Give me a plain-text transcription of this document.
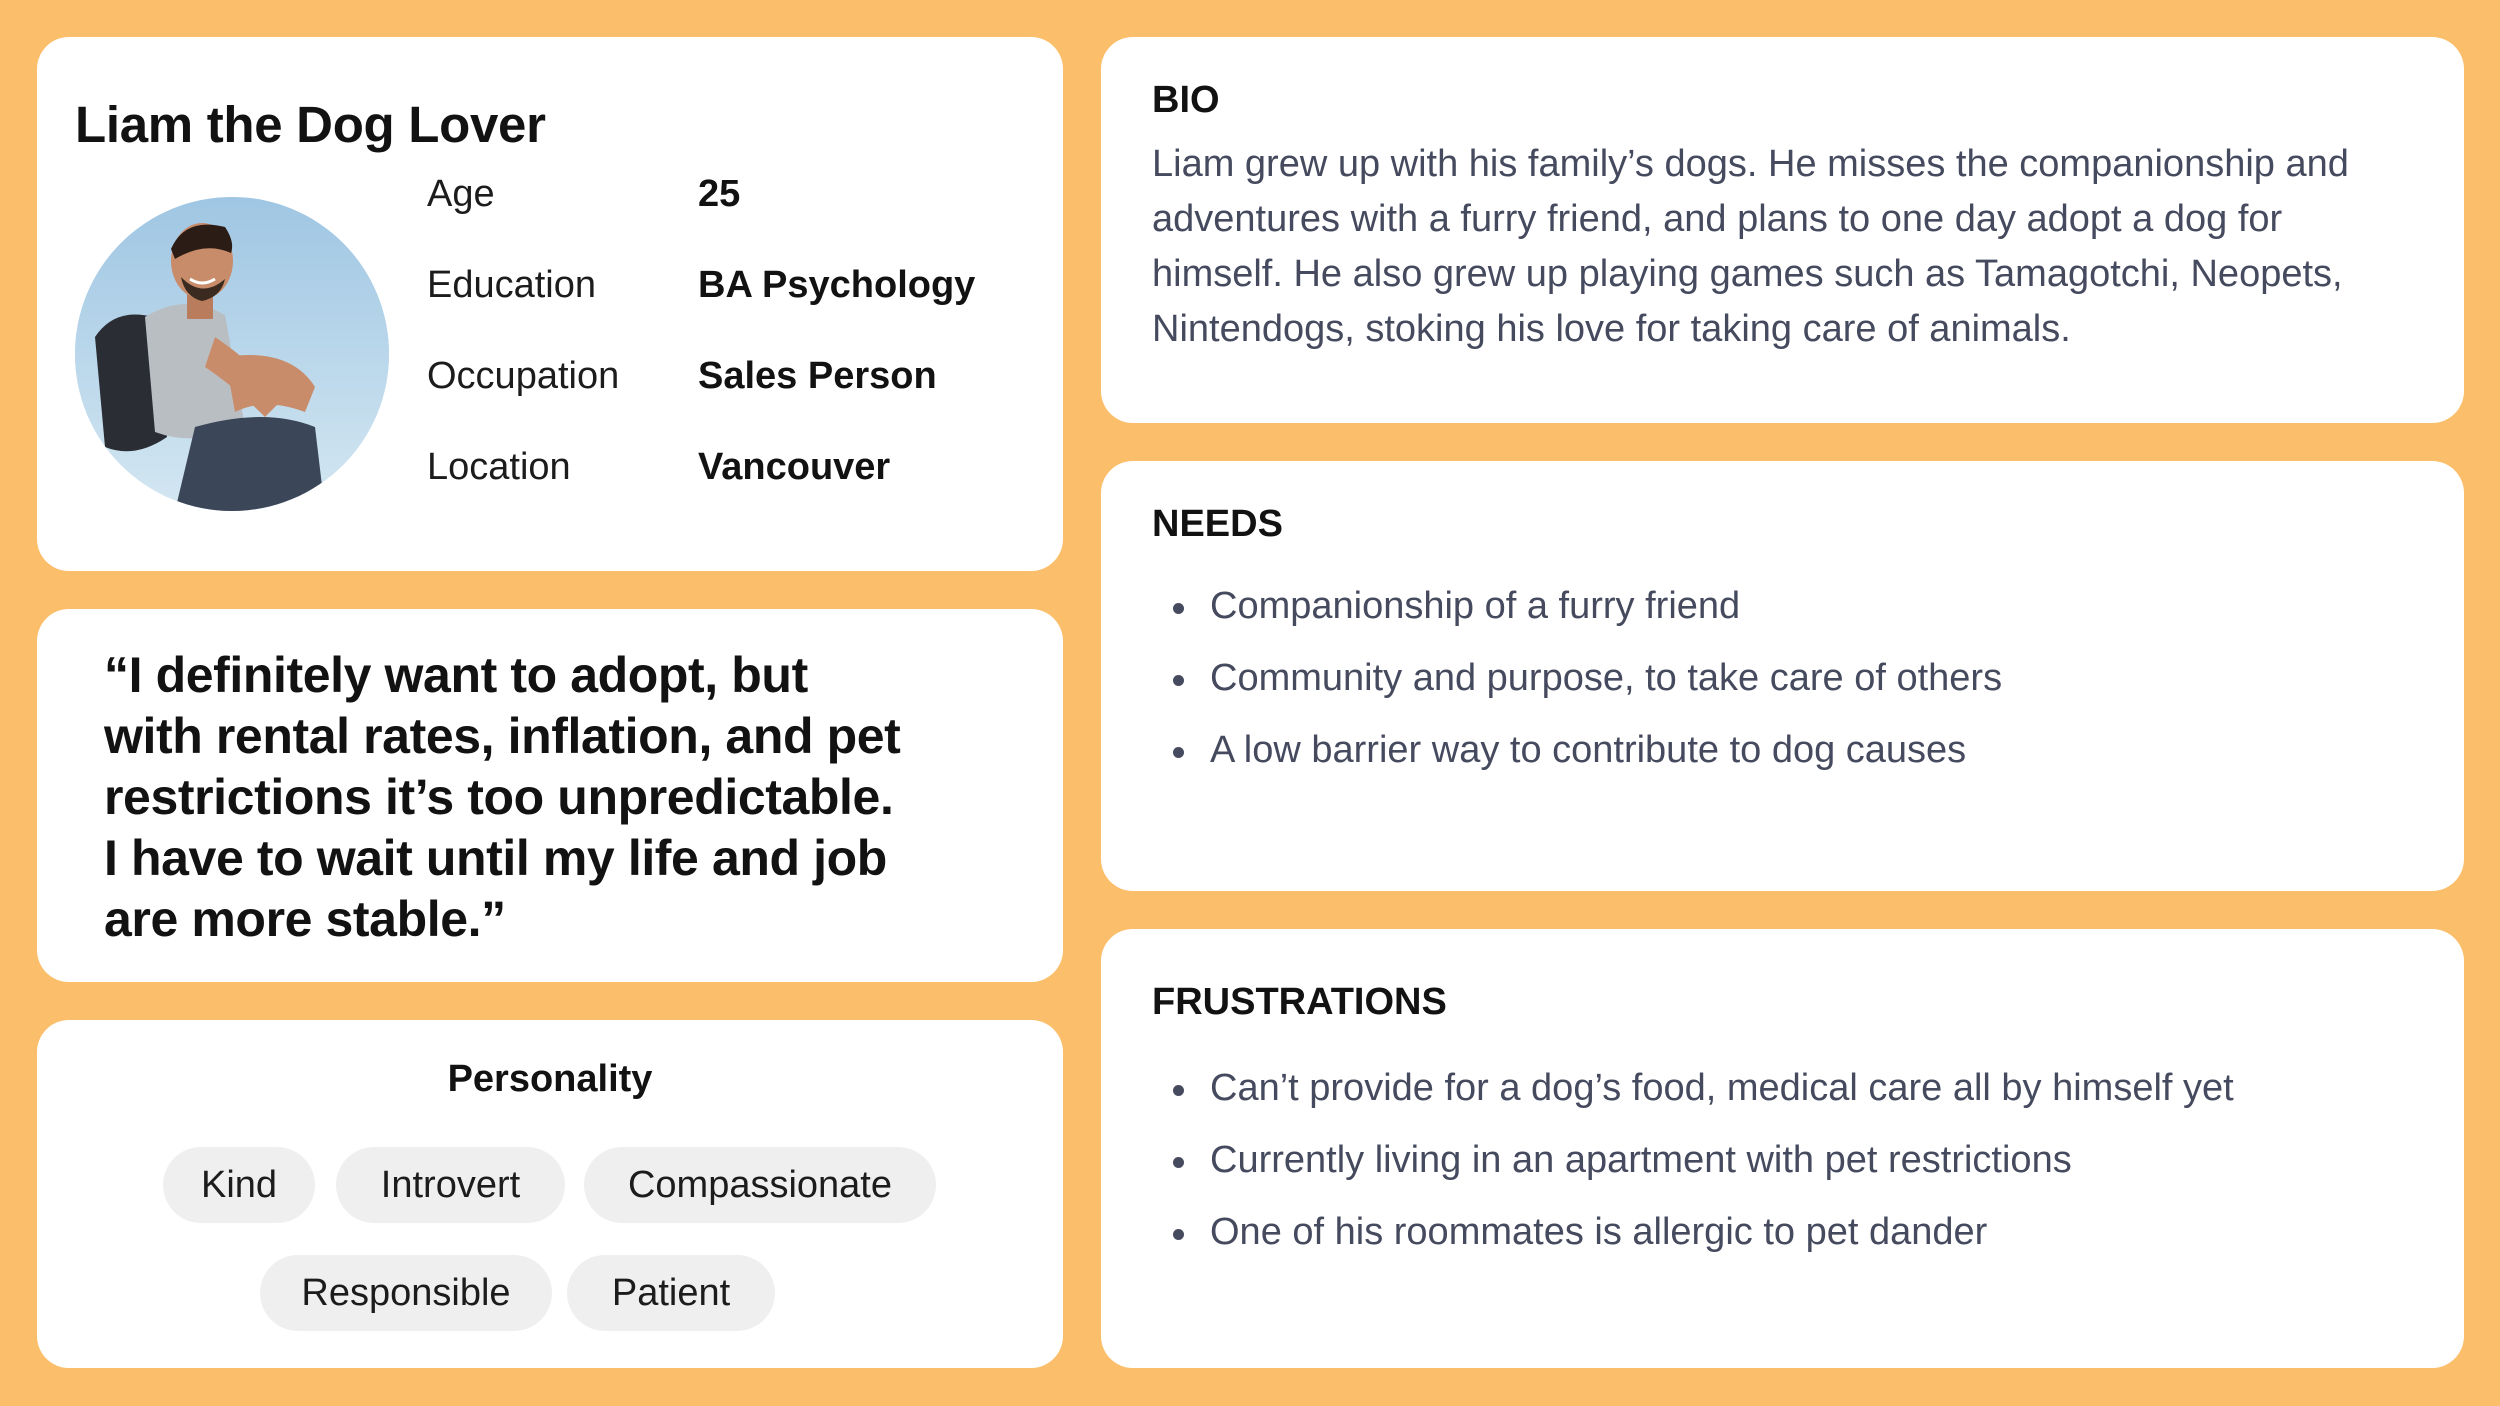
Liam the Dog Lover
Age	25
Education	BA Psychology
Occupation Sales Person
Location	Vancouver
“I definitely want to adopt, but
with rental rates, inflation, and pet
restrictions it’s too unpredictable.
I have to wait until my life and job
are more stable.”
Personality
Kind	Introvert	Compassionate
Responsible	Patient
BIO
Liam grew up with his family’s dogs. He misses the companionship and
adventures with a furry friend, and plans to one day adopt a dog for
himself. He also grew up playing games such as Tamagotchi, Neopets,
Nintendogs, stoking his love for taking care of animals.
NEEDS
Companionship of a furry friend
Community and purpose, to take care of others
A low barrier way to contribute to dog causes
FRUSTRATIONS
Can’t provide for a dog’s food, medical care all by himself yet
Currently living in an apartment with pet restrictions
One of his roommates is allergic to pet dander
